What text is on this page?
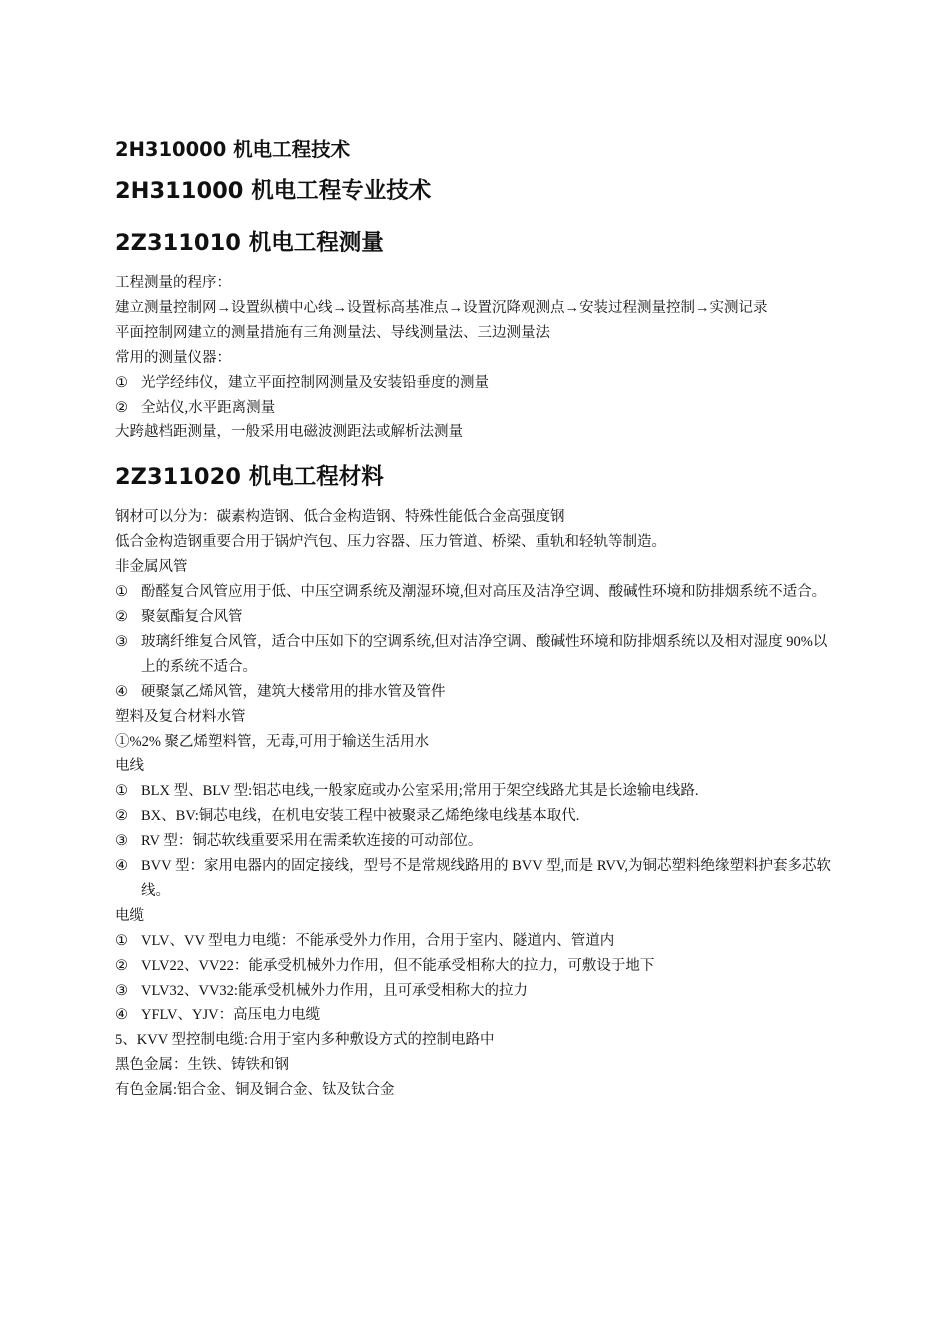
2H310000 机电工程技术
2H311000 机电工程专业技术
2Z311010 机电工程测量
工程测量的程序：
建立测量控制网→设置纵横中心线→设置标高基准点→设置沉降观测点→安装过程测量控制→实测记录
平面控制网建立的测量措施有三角测量法、导线测量法、三边测量法
常用的测量仪器：
① 光学经纬仪，建立平面控制网测量及安装铅垂度的测量
② 全站仪,水平距离测量
大跨越档距测量，一般采用电磁波测距法或解析法测量
2Z311020 机电工程材料
钢材可以分为：碳素构造钢、低合金构造钢、特殊性能低合金高强度钢
低合金构造钢重要合用于锅炉汽包、压力容器、压力管道、桥梁、重轨和轻轨等制造。
非金属风管
① 酚醛复合风管应用于低、中压空调系统及潮湿环境,但对高压及洁净空调、酸碱性环境和防排烟系统不适合。
② 聚氨酯复合风管
③ 玻璃纤维复合风管，适合中压如下的空调系统,但对洁净空调、酸碱性环境和防排烟系统以及相对湿度 90%以上的系统不适合。
④ 硬聚氯乙烯风管，建筑大楼常用的排水管及管件
塑料及复合材料水管
①%2% 聚乙烯塑料管，无毒,可用于输送生活用水
电线
① BLX 型、BLV 型:铝芯电线,一般家庭或办公室采用;常用于架空线路尤其是长途输电线路.
② BX、BV:铜芯电线，在机电安装工程中被聚录乙烯绝缘电线基本取代.
③ RV 型：铜芯软线重要采用在需柔软连接的可动部位。
④ BVV 型：家用电器内的固定接线，型号不是常规线路用的 BVV 型,而是 RVV,为铜芯塑料绝缘塑料护套多芯软线。
电缆
① VLV、VV 型电力电缆：不能承受外力作用，合用于室内、隧道内、管道内
② VLV22、VV22：能承受机械外力作用，但不能承受相称大的拉力，可敷设于地下
③ VLV32、VV32:能承受机械外力作用，且可承受相称大的拉力
④ YFLV、YJV：高压电力电缆
5、KVV 型控制电缆:合用于室内多种敷设方式的控制电路中
黑色金属：生铁、铸铁和钢
有色金属:铝合金、铜及铜合金、钛及钛合金
